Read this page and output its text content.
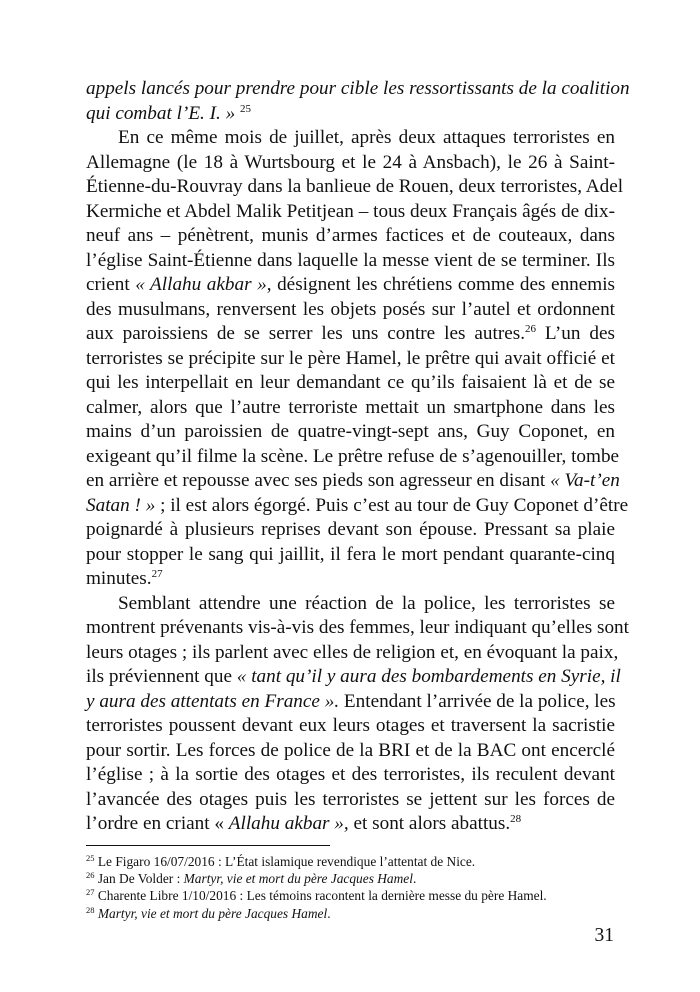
appels lancés pour prendre pour cible les ressortissants de la coalition
qui combat l’E. I. » $^{25}$
En ce même mois de juillet, après deux attaques terroristes en
Allemagne (le 18 à Wurtsbourg et le 24 à Ansbach), le 26 à Saint-
Étienne-du-Rouvray dans la banlieue de Rouen, deux terroristes, Adel
Kermiche et Abdel Malik Petitjean – tous deux Français âgés de dix-
neuf ans – pénètrent, munis d’armes factices et de couteaux, dans
l’église Saint-Étienne dans laquelle la messe vient de se terminer. Ils
crient « Allahu akbar », désignent les chrétiens comme des ennemis
des musulmans, renversent les objets posés sur l’autel et ordonnent
aux paroissiens de se serrer les uns contre les autres.$^{26}$ L’un des
terroristes se précipite sur le père Hamel, le prêtre qui avait officié et
qui les interpellait en leur demandant ce qu’ils faisaient là et de se
calmer, alors que l’autre terroriste mettait un smartphone dans les
mains d’un paroissien de quatre-vingt-sept ans, Guy Coponet, en
exigeant qu’il filme la scène. Le prêtre refuse de s’agenouiller, tombe
en arrière et repousse avec ses pieds son agresseur en disant « Va-t’en
Satan ! » ; il est alors égorgé. Puis c’est au tour de Guy Coponet d’être
poignardé à plusieurs reprises devant son épouse. Pressant sa plaie
pour stopper le sang qui jaillit, il fera le mort pendant quarante-cinq
minutes.$^{27}$
Semblant attendre une réaction de la police, les terroristes se
montrent prévenants vis-à-vis des femmes, leur indiquant qu’elles sont
leurs otages ; ils parlent avec elles de religion et, en évoquant la paix,
ils préviennent que « tant qu’il y aura des bombardements en Syrie, il
y aura des attentats en France ». Entendant l’arrivée de la police, les
terroristes poussent devant eux leurs otages et traversent la sacristie
pour sortir. Les forces de police de la BRI et de la BAC ont encerclé
l’église ; à la sortie des otages et des terroristes, ils reculent devant
l’avancée des otages puis les terroristes se jettent sur les forces de
l’ordre en criant « Allahu akbar », et sont alors abattus.$^{28}$
$^{25}$ Le Figaro 16/07/2016 : L’État islamique revendique l’attentat de Nice.
$^{26}$ Jan De Volder : Martyr, vie et mort du père Jacques Hamel.
$^{27}$ Charente Libre 1/10/2016 : Les témoins racontent la dernière messe du père Hamel.
$^{28}$ Martyr, vie et mort du père Jacques Hamel.
31
